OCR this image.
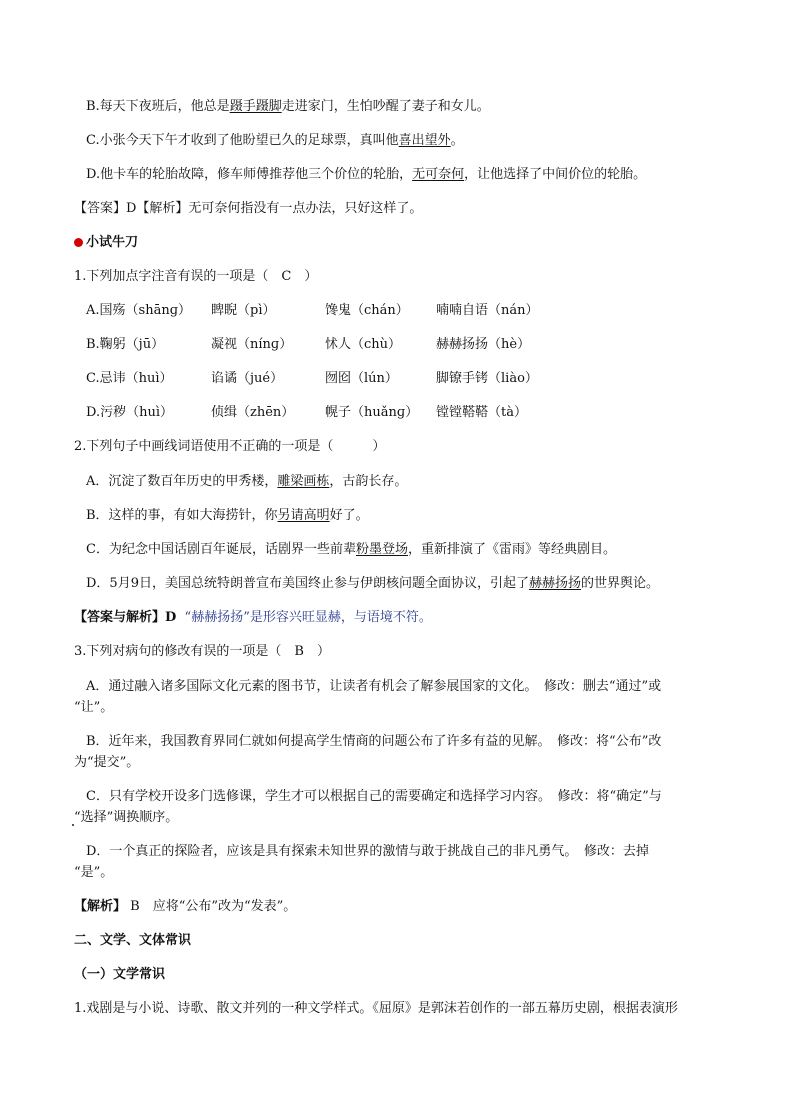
B.每天下夜班后，他总是蹑手蹑脚走进家门，生怕吵醒了妻子和女儿。
C.小张今天下午才收到了他盼望已久的足球票，真叫他喜出望外。
D.他卡车的轮胎故障，修车师傅推荐他三个价位的轮胎，无可奈何，让他选择了中间价位的轮胎。
【答案】D【解析】无可奈何指没有一点办法，只好这样了。
小试牛刀
1.下列加点字注音有误的一项是（　C　）
A.国殇（shānɡ） 睥睨（pì）	馋鬼（chán） 喃喃自语（nán）
B.鞠躬（jū）	凝视（nínɡ）	怵人（chù）	赫赫扬扬（hè）
C.忌讳（huì）	谄谲（jué）	囫囵（lún）	脚镣手铐（liào）
D.污秽（huì）	侦缉（zhēn） 幌子（huǎnɡ） 镗镗鞳鞳（tà）
2.下列句子中画线词语使用不正确的一项是（　　　）
A．沉淀了数百年历史的甲秀楼，雕梁画栋，古韵长存。
B．这样的事，有如大海捞针，你另请高明好了。
C．为纪念中国话剧百年诞辰，话剧界一些前辈粉墨登场，重新排演了《雷雨》等经典剧目。
D．5月9日，美国总统特朗普宣布美国终止参与伊朗核问题全面协议，引起了赫赫扬扬的世界舆论。
【答案与解析】D “赫赫扬扬”是形容兴旺显赫，与语境不符。
3.下列对病句的修改有误的一项是（　B　）
A．通过融入诸多国际文化元素的图书节，让读者有机会了解参展国家的文化。　修改：删去“通过”或
“让”。
B．近年来，我国教育界同仁就如何提高学生情商的问题公布了许多有益的见解。　修改：将“公布”改
为“提交”。
C．只有学校开设多门选修课，学生才可以根据自己的需要确定和选择学习内容。　修改：将“确定”与
“选择”调换顺序。
D．一个真正的探险者，应该是具有探索未知世界的激情与敢于挑战自己的非凡勇气。　修改：去掉
“是”。
【解析】 B　应将“公布”改为“发表”。
二、文学、文体常识
（一）文学常识
1.戏剧是与小说、诗歌、散文并列的一种文学样式。《屈原》是郭沫若创作的一部五幕历史剧，根据表演形
